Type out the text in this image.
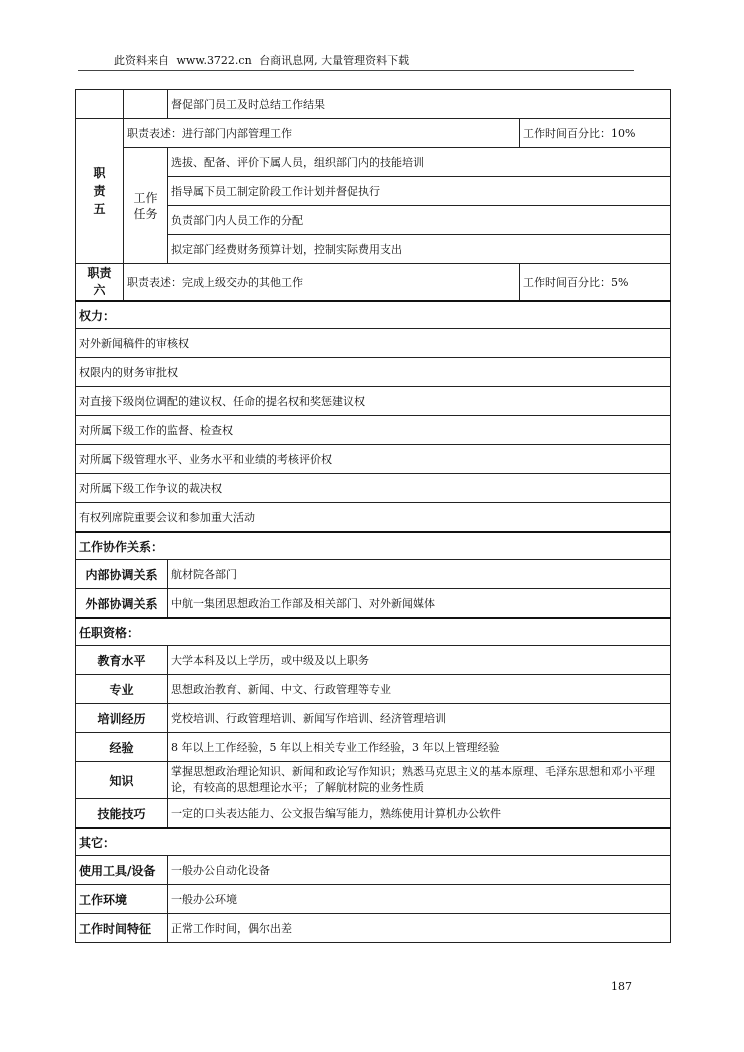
此资料来自 www.3722.cn 台商讯息网, 大量管理资料下载
		督促部门员工及时总结工作结果	
职
责
五	职责表述：进行部门内部管理工作		工作时间百分比：10%
	工作
任务	选拔、配备、评价下属人员，组织部门内的技能培训	
		指导属下员工制定阶段工作计划并督促执行	
		负责部门内人员工作的分配	
		拟定部门经费财务预算计划，控制实际费用支出	
职责
六	职责表述：完成上级交办的其他工作		工作时间百分比：5%
权力：			
对外新闻稿件的审核权			
权限内的财务审批权			
对直接下级岗位调配的建议权、任命的提名权和奖惩建议权			
对所属下级工作的监督、检查权			
对所属下级管理水平、业务水平和业绩的考核评价权			
对所属下级工作争议的裁决权			
有权列席院重要会议和参加重大活动			
工作协作关系：			
内部协调关系		航材院各部门	
外部协调关系		中航一集团思想政治工作部及相关部门、对外新闻媒体	
任职资格：			
教育水平		大学本科及以上学历，或中级及以上职务	
专业		思想政治教育、新闻、中文、行政管理等专业	
培训经历		党校培训、行政管理培训、新闻写作培训、经济管理培训	
经验		8 年以上工作经验，5 年以上相关专业工作经验，3 年以上管理经验	
知识		掌握思想政治理论知识、新闻和政论写作知识；熟悉马克思主义的基本原理、毛泽东思想和邓小平理论，有较高的思想理论水平；了解航材院的业务性质	
技能技巧		一定的口头表达能力、公文报告编写能力，熟练使用计算机办公软件	
其它：			
使用工具/设备		一般办公自动化设备	
工作环境		一般办公环境	
工作时间特征		正常工作时间，偶尔出差	
187
